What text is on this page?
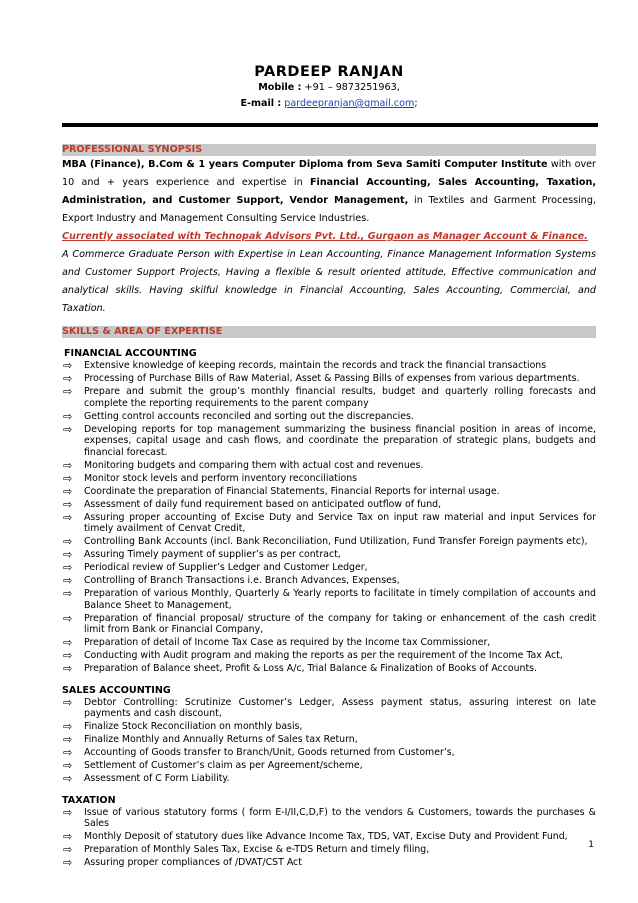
PARDEEP RANJAN
Mobile : +91 – 9873251963,
E-mail : pardeepranjan@gmail.com;
PROFESSIONAL SYNOPSIS
MBA (Finance), B.Com & 1 years Computer Diploma from Seva Samiti Computer Institute with over 10 and + years experience and expertise in Financial Accounting, Sales Accounting, Taxation, Administration, and Customer Support, Vendor Management, in Textiles and Garment Processing, Export Industry and Management Consulting Service Industries.
Currently associated with Technopak Advisors Pvt. Ltd., Gurgaon as Manager Account & Finance.
A Commerce Graduate Person with Expertise in Lean Accounting, Finance Management Information Systems and Customer Support Projects, Having a flexible & result oriented attitude, Effective communication and analytical skills. Having skilful knowledge in Financial Accounting, Sales Accounting, Commercial, and Taxation.
SKILLS & AREA OF EXPERTISE
FINANCIAL ACCOUNTING
⇨ Extensive knowledge of keeping records, maintain the records and track the financial transactions
⇨ Processing of Purchase Bills of Raw Material, Asset & Passing Bills of expenses from various departments.
⇨ Prepare and submit the group’s monthly financial results, budget and quarterly rolling forecasts and complete the reporting requirements to the parent company
⇨ Getting control accounts reconciled and sorting out the discrepancies.
⇨ Developing reports for top management summarizing the business financial position in areas of income, expenses, capital usage and cash flows, and coordinate the preparation of strategic plans, budgets and financial forecast.
⇨ Monitoring budgets and comparing them with actual cost and revenues.
⇨ Monitor stock levels and perform inventory reconciliations
⇨ Coordinate the preparation of Financial Statements, Financial Reports for internal usage.
⇨ Assessment of daily fund requirement based on anticipated outflow of fund,
⇨ Assuring proper accounting of Excise Duty and Service Tax on input raw material and input Services for timely availment of Cenvat Credit,
⇨ Controlling Bank Accounts (incl. Bank Reconciliation, Fund Utilization, Fund Transfer Foreign payments etc),
⇨ Assuring Timely payment of supplier’s as per contract,
⇨ Periodical review of Supplier’s Ledger and Customer Ledger,
⇨ Controlling of Branch Transactions i.e. Branch Advances, Expenses,
⇨ Preparation of various Monthly, Quarterly & Yearly reports to facilitate in timely compilation of accounts and Balance Sheet to Management,
⇨ Preparation of financial proposal/ structure of the company for taking or enhancement of the cash credit limit from Bank or Financial Company,
⇨ Preparation of detail of Income Tax Case as required by the Income tax Commissioner,
⇨ Conducting with Audit program and making the reports as per the requirement of the Income Tax Act,
⇨ Preparation of Balance sheet, Profit & Loss A/c, Trial Balance & Finalization of Books of Accounts.
SALES ACCOUNTING
⇨ Debtor Controlling: Scrutinize Customer’s Ledger, Assess payment status, assuring interest on late payments and cash discount,
⇨ Finalize Stock Reconciliation on monthly basis,
⇨ Finalize Monthly and Annually Returns of Sales tax Return,
⇨ Accounting of Goods transfer to Branch/Unit, Goods returned from Customer’s,
⇨ Settlement of Customer’s claim as per Agreement/scheme,
⇨ Assessment of C Form Liability.
TAXATION
⇨ Issue of various statutory forms ( form E-I/II,C,D,F) to the vendors & Customers, towards the purchases & Sales
⇨ Monthly Deposit of statutory dues like Advance Income Tax, TDS, VAT, Excise Duty and Provident Fund,
⇨ Preparation of Monthly Sales Tax, Excise & e-TDS Return and timely filing,
⇨ Assuring proper compliances of /DVAT/CST Act
1
